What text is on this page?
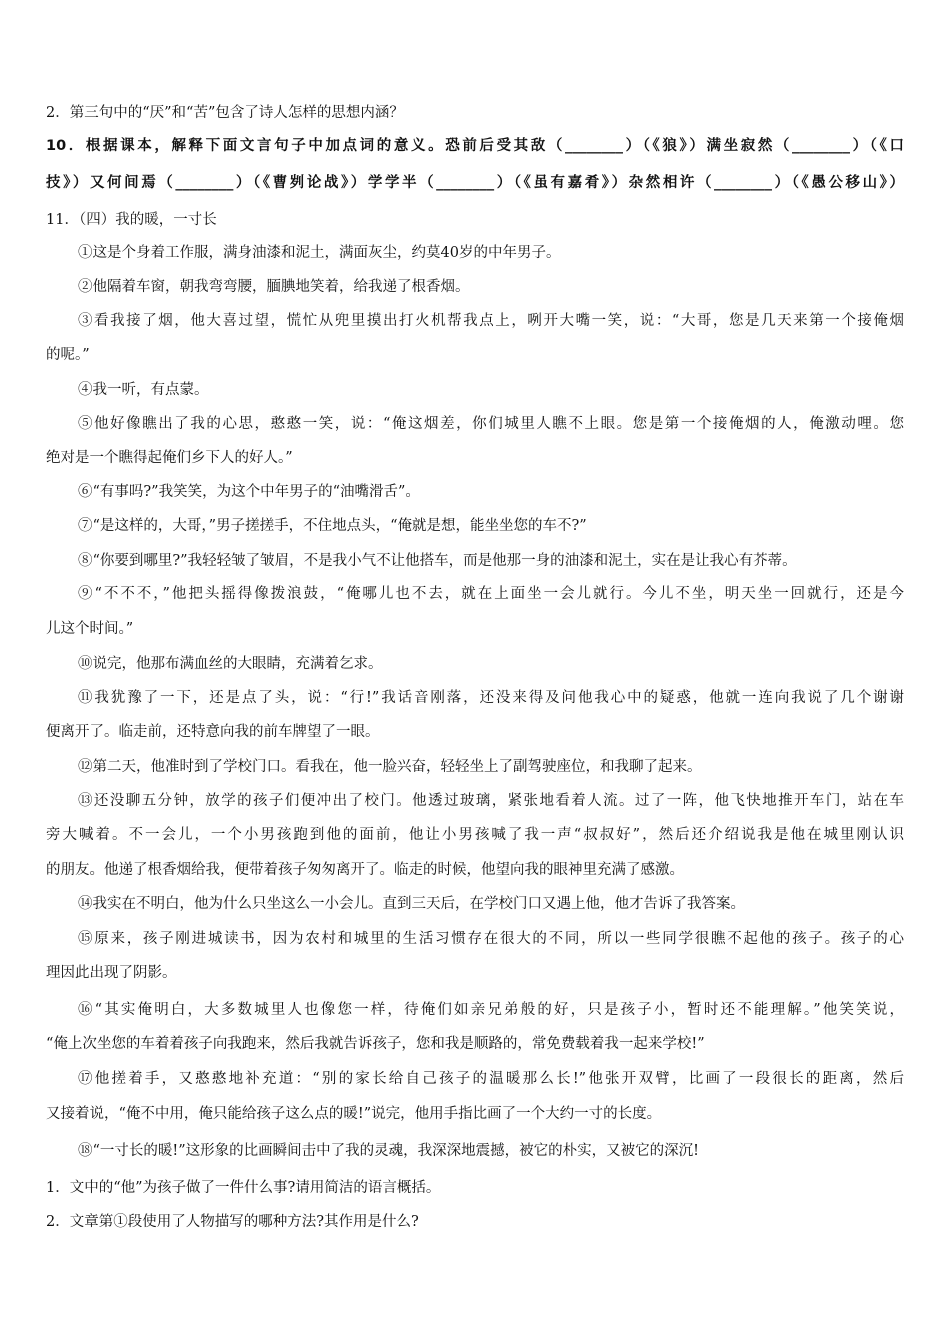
2．第三句中的“厌”和“苦”包含了诗人怎样的思想内涵？
10．根据课本，解释下面文言句子中加点词的意义。恐前后受其敌（________）（《狼》）满坐寂然（________）（《口
技》）又何间焉（________）（《曹刿论战》）学学半（________）（《虽有嘉肴》）杂然相许（________）（《愚公移山》）
11．（四）我的暖，一寸长
①这是个身着工作服，满身油漆和泥土，满面灰尘，约莫40岁的中年男子。
②他隔着车窗，朝我弯弯腰，腼腆地笑着，给我递了根香烟。
③看我接了烟，他大喜过望，慌忙从兜里摸出打火机帮我点上，咧开大嘴一笑，说：“大哥，您是几天来第一个接俺烟
的呢。”
④我一听，有点蒙。
⑤他好像瞧出了我的心思，憨憨一笑，说：“俺这烟差，你们城里人瞧不上眼。您是第一个接俺烟的人，俺激动哩。您
绝对是一个瞧得起俺们乡下人的好人。”
⑥“有事吗?”我笑笑，为这个中年男子的“油嘴滑舌”。
⑦“是这样的，大哥，”男子搓搓手，不住地点头，“俺就是想，能坐坐您的车不?”
⑧“你要到哪里?”我轻轻皱了皱眉，不是我小气不让他搭车，而是他那一身的油漆和泥土，实在是让我心有芥蒂。
⑨“不不不，”他把头摇得像拨浪鼓，“俺哪儿也不去，就在上面坐一会儿就行。今儿不坐，明天坐一回就行，还是今
儿这个时间。”
⑩说完，他那布满血丝的大眼睛，充满着乞求。
⑪我犹豫了一下，还是点了头，说：“行!”我话音刚落，还没来得及问他我心中的疑惑，他就一连向我说了几个谢谢
便离开了。临走前，还特意向我的前车牌望了一眼。
⑫第二天，他准时到了学校门口。看我在，他一脸兴奋，轻轻坐上了副驾驶座位，和我聊了起来。
⑬还没聊五分钟，放学的孩子们便冲出了校门。他透过玻璃，紧张地看着人流。过了一阵，他飞快地推开车门，站在车
旁大喊着。不一会儿，一个小男孩跑到他的面前，他让小男孩喊了我一声“叔叔好”，然后还介绍说我是他在城里刚认识
的朋友。他递了根香烟给我，便带着孩子匆匆离开了。临走的时候，他望向我的眼神里充满了感激。
⑭我实在不明白，他为什么只坐这么一小会儿。直到三天后，在学校门口又遇上他，他才告诉了我答案。
⑮原来，孩子刚进城读书，因为农村和城里的生活习惯存在很大的不同，所以一些同学很瞧不起他的孩子。孩子的心
理因此出现了阴影。
⑯“其实俺明白，大多数城里人也像您一样，待俺们如亲兄弟般的好，只是孩子小，暂时还不能理解。”他笑笑说，
“俺上次坐您的车着着孩子向我跑来，然后我就告诉孩子，您和我是顺路的，常免费载着我一起来学校!”
⑰他搓着手，又憨憨地补充道：“别的家长给自己孩子的温暖那么长!”他张开双臂，比画了一段很长的距离，然后
又接着说，“俺不中用，俺只能给孩子这么点的暖!”说完，他用手指比画了一个大约一寸的长度。
⑱“一寸长的暖!”这形象的比画瞬间击中了我的灵魂，我深深地震撼，被它的朴实，又被它的深沉!
1．文中的“他”为孩子做了一件什么事?请用简洁的语言概括。
2．文章第①段使用了人物描写的哪种方法?其作用是什么?
